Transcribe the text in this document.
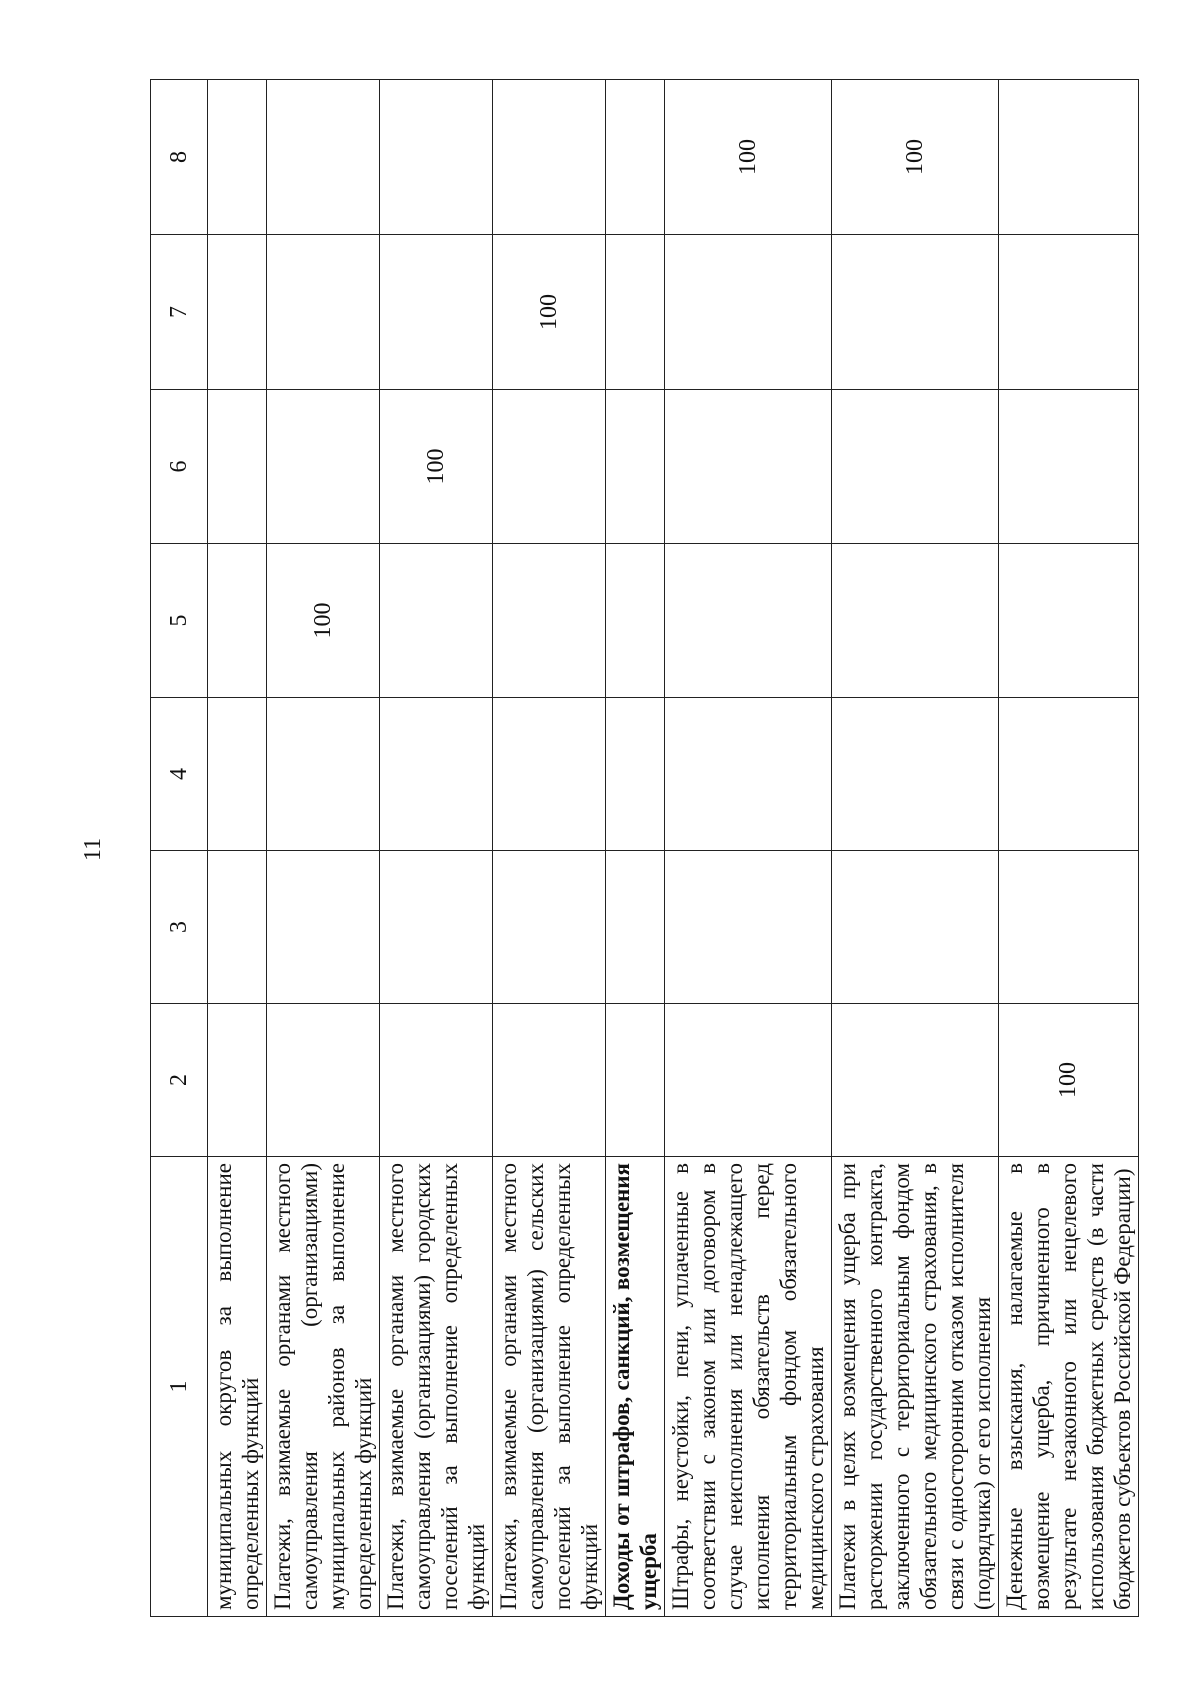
11
1	2	3	4	5	6	7	8
муниципальных округов за выполнение определенных функций							
Платежи, взимаемые органами местного самоуправления (организациями) муниципальных районов за выполнение определенных функций				100			
Платежи, взимаемые органами местного самоуправления (организациями) городских поселений за выполнение определенных функций					100		
Платежи, взимаемые органами местного самоуправления (организациями) сельских поселений за выполнение определенных функций						100	
Доходы от штрафов, санкций, возмещения ущерба							
Штрафы, неустойки, пени, уплаченные в соответствии с законом или договором в случае неисполнения или ненадлежащего исполнения обязательств перед территориальным фондом обязательного медицинского страхования							100
Платежи в целях возмещения ущерба при расторжении государственного контракта, заключенного с территориальным фондом обязательного медицинского страхования, в связи с односторонним отказом исполнителя (подрядчика) от его исполнения							100
Денежные взыскания, налагаемые в возмещение ущерба, причиненного в результате незаконного или нецелевого использования бюджетных средств (в части бюджетов субъектов Российской Федерации)	100						
